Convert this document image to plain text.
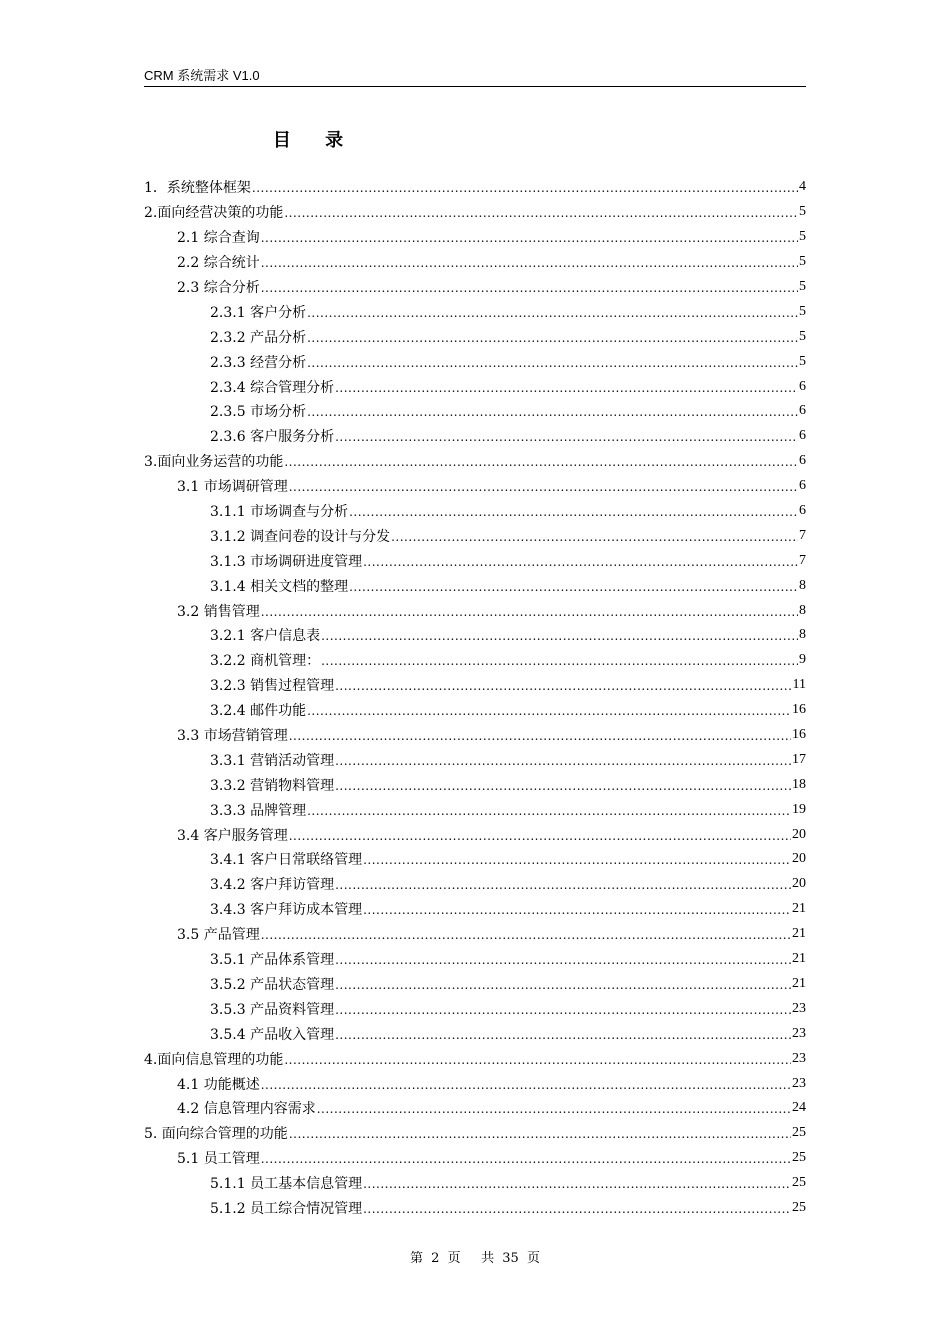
CRM 系统需求 V1.0
目 录
1．系统整体框架 .....	4
2.面向经营决策的功能 .....	5
2.1 综合查询 .....	5
2.2 综合统计 .....	5
2.3 综合分析 .....	5
2.3.1 客户分析 .....	5
2.3.2 产品分析 .....	5
2.3.3 经营分析 .....	5
2.3.4 综合管理分析 .....	6
2.3.5 市场分析 .....	6
2.3.6 客户服务分析 .....	6
3.面向业务运营的功能 .....	6
3.1 市场调研管理 .....	6
3.1.1 市场调查与分析 .....	6
3.1.2 调查问卷的设计与分发 .....	7
3.1.3 市场调研进度管理 .....	7
3.1.4 相关文档的整理 .....	8
3.2 销售管理 .....	8
3.2.1 客户信息表 .....	8
3.2.2 商机管理： .....	9
3.2.3 销售过程管理 .....	11
3.2.4 邮件功能 .....	16
3.3 市场营销管理 .....	16
3.3.1 营销活动管理 .....	17
3.3.2 营销物料管理 .....	18
3.3.3 品牌管理 .....	19
3.4 客户服务管理 .....	20
3.4.1 客户日常联络管理 .....	20
3.4.2 客户拜访管理 .....	20
3.4.3 客户拜访成本管理 .....	21
3.5 产品管理 .....	21
3.5.1 产品体系管理 .....	21
3.5.2 产品状态管理 .....	21
3.5.3 产品资料管理 .....	23
3.5.4 产品收入管理 .....	23
4.面向信息管理的功能 .....	23
4.1 功能概述 .....	23
4.2 信息管理内容需求 .....	24
5. 面向综合管理的功能 .....	25
5.1 员工管理 .....	25
5.1.1 员工基本信息管理 .....	25
5.1.2 员工综合情况管理 .....	25
第 2 页 共 35 页
